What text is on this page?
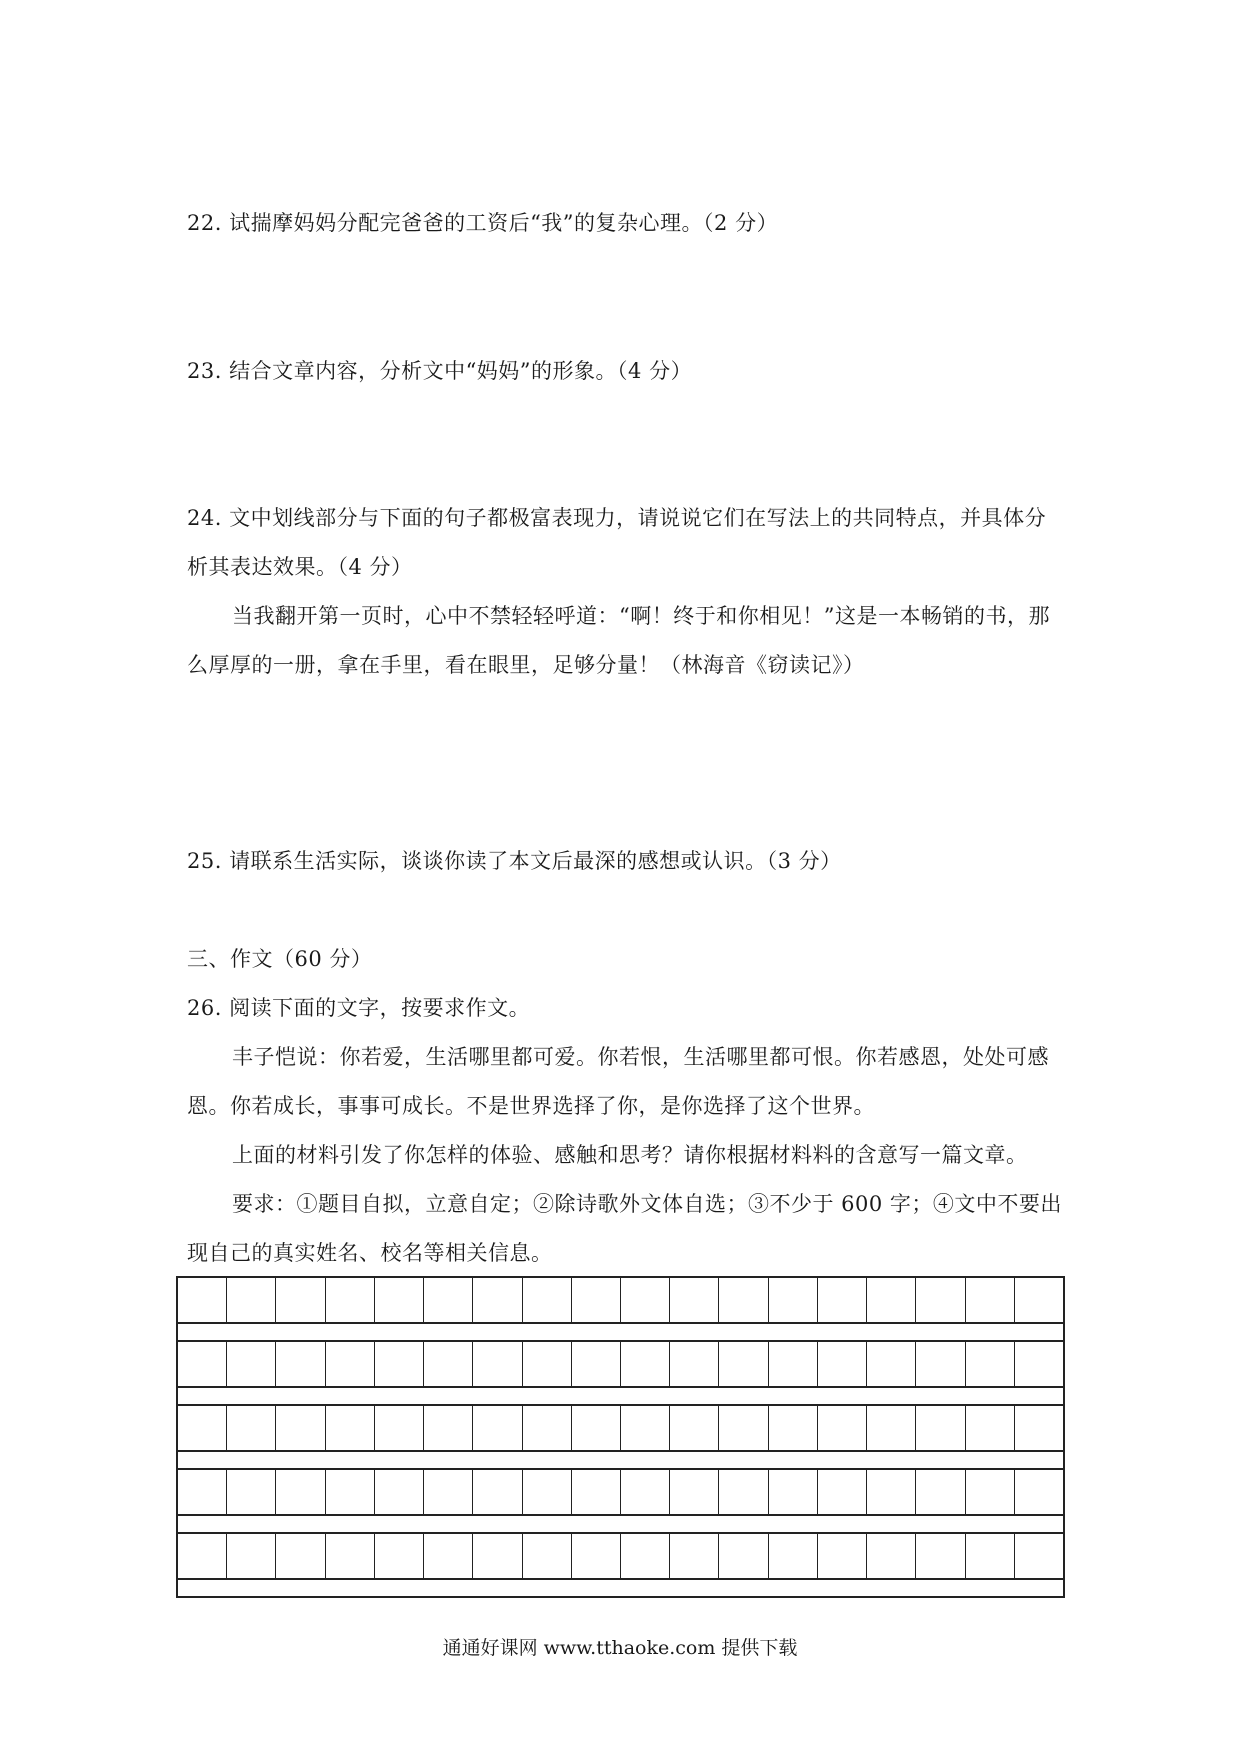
22. 试揣摩妈妈分配完爸爸的工资后“我”的复杂心理。（2 分）
23. 结合文章内容，分析文中“妈妈”的形象。（4 分）
24. 文中划线部分与下面的句子都极富表现力，请说说它们在写法上的共同特点，并具体分
析其表达效果。（4 分）
当我翻开第一页时，心中不禁轻轻呼道：“啊！终于和你相见！”这是一本畅销的书，那
么厚厚的一册，拿在手里，看在眼里，足够分量！（林海音《窃读记》）
25. 请联系生活实际，谈谈你读了本文后最深的感想或认识。（3 分）
三、作文（60 分）
26. 阅读下面的文字，按要求作文。
丰子恺说：你若爱，生活哪里都可爱。你若恨，生活哪里都可恨。你若感恩，处处可感
恩。你若成长，事事可成长。不是世界选择了你，是你选择了这个世界。
上面的材料引发了你怎样的体验、感触和思考？请你根据材料料的含意写一篇文章。
要求：①题目自拟，立意自定；②除诗歌外文体自选；③不少于 600 字；④文中不要出
现自己的真实姓名、校名等相关信息。
通通好课网 www.tthaoke.com 提供下载
